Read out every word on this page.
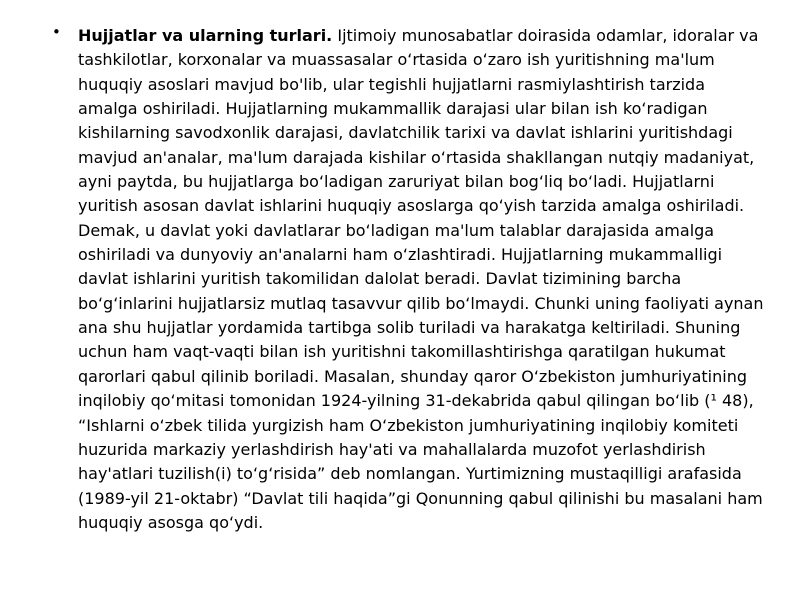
• Hujjatlar va ularning turlari. Ijtimoiy munosabatlar doirasida odamlar, idoralar va tashkilotlar, korxonalar va muassasalar o‘rtasida o‘zaro ish yuritishning ma'lum huquqiy asoslari mavjud bo'lib, ular tegishli hujjatlarni rasmiylashtirish tarzida amalga oshiriladi. Hujjatlarning mukammallik darajasi ular bilan ish ko‘radigan kishilarning savodxonlik darajasi, davlatchilik tarixi va davlat ishlarini yuritishdagi mavjud an'analar, ma'lum darajada kishilar o‘rtasida shakllangan nutqiy madaniyat, ayni paytda, bu hujjatlarga bo‘ladigan zaruriyat bilan bog‘liq bo‘ladi. Hujjatlarni yuritish asosan davlat ishlarini huquqiy asoslarga qo‘yish tarzida amalga oshiriladi. Demak, u davlat yoki davlatlarar bo‘ladigan ma'lum talablar darajasida amalga oshiriladi va dunyoviy an'analarni ham o‘zlashtiradi. Hujjatlarning mukammalligi davlat ishlarini yuritish takomilidan dalolat beradi. Davlat tizimining barcha bo‘g‘inlarini hujjatlarsiz mutlaq tasavvur qilib bo‘lmaydi. Chunki uning faoliyati aynan ana shu hujjatlar yordamida tartibga solib turiladi va harakatga keltiriladi. Shuning uchun ham vaqt-vaqti bilan ish yuritishni takomillashtirishga qaratilgan hukumat qarorlari qabul qilinib boriladi. Masalan, shunday qaror O‘zbekiston jumhuriyatining inqilobiy qo‘mitasi tomonidan 1924-yilning 31-dekabrida qabul qilingan bo‘lib (¹ 48), “Ishlarni o‘zbek tilida yurgizish ham O‘zbekiston jumhuriyatining inqilobiy komiteti huzurida markaziy yerlashdirish hay'ati va mahallalarda muzofot yerlashdirish hay'atlari tuzilish(i) to‘g‘risida” deb nomlangan. Yurtimizning mustaqilligi arafasida (1989-yil 21-oktabr) “Davlat tili haqida”gi Qonunning qabul qilinishi bu masalani ham huquqiy asosga qo‘ydi.
